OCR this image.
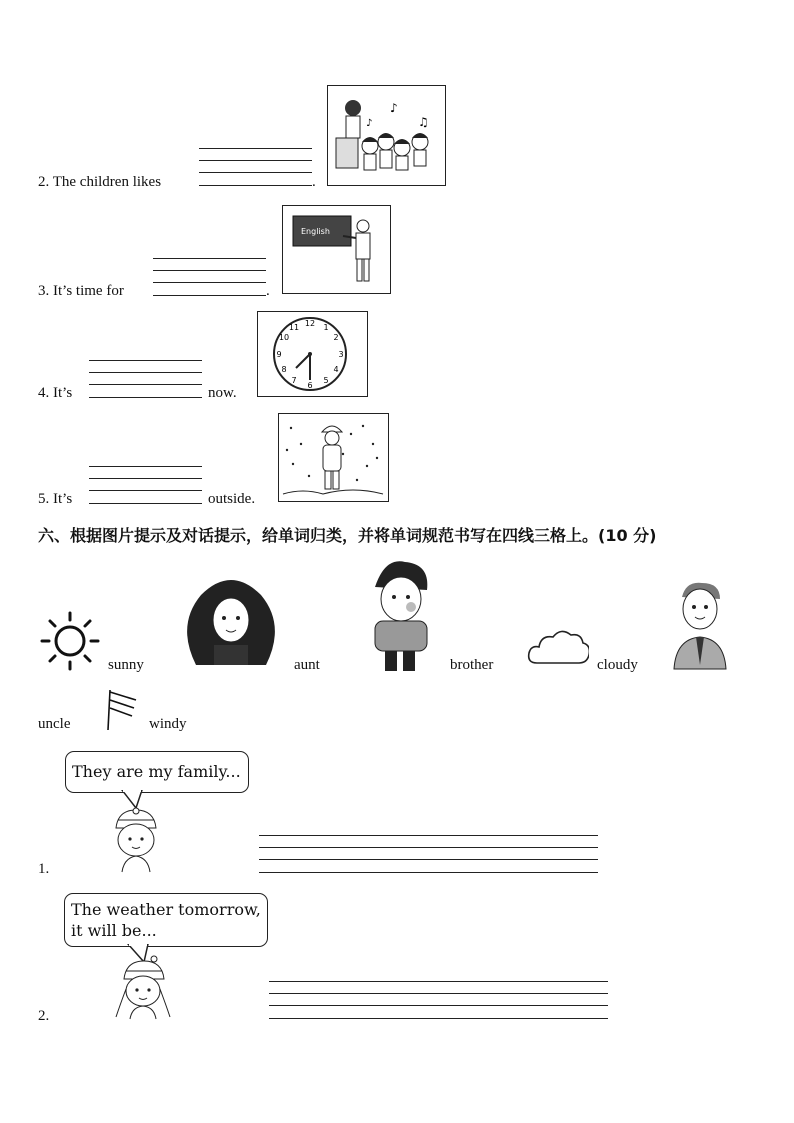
2. The children likes	.
♪
♫
♪
3. It’s time for	.
English
4. It’s	now.
12 1
2
3
4
5
6
7
8
9
10
11
5. It’s	outside.
六、根据图片提示及对话提示，给单词归类，并将单词规范书写在四线三格上。(10 分)
sunny	aunt	brother	cloudy
uncle	windy
They are my family...
1.
The weather tomorrow,
it will be...
2.
